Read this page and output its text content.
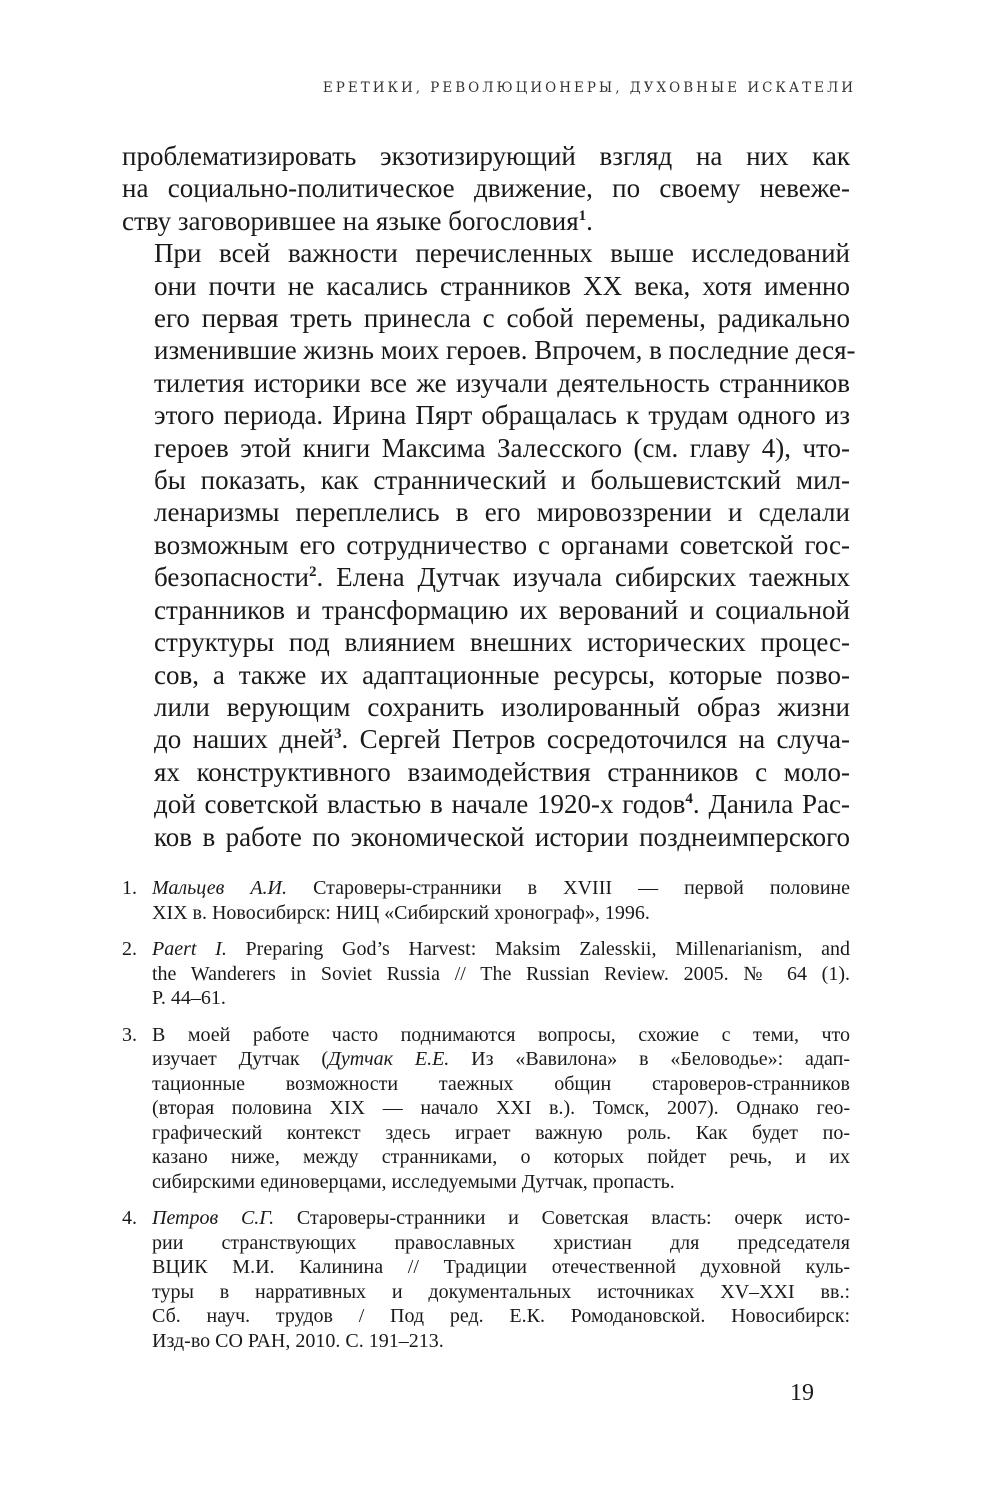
ЕРЕТИКИ, РЕВОЛЮЦИОНЕРЫ, ДУХОВНЫЕ ИСКАТЕЛИ

проблематизировать экзотизирующий взгляд на них как
на социально-политическое движение, по своему невеже-
ству заговорившее на языке богословия$^1$.

При всей важности перечисленных выше исследований
они почти не касались странников XX века, хотя именно
его первая треть принесла с собой перемены, радикально
изменившие жизнь моих героев. Впрочем, в последние деся-
тилетия историки все же изучали деятельность странников
этого периода. Ирина Пярт обращалась к трудам одного из
героев этой книги Максима Залесского (см. главу 4), что-
бы показать, как страннический и большевистский мил-
ленаризмы переплелись в его мировоззрении и сделали
возможным его сотрудничество с органами советской гос-
безопасности$^2$. Елена Дутчак изучала сибирских таежных
странников и трансформацию их верований и социальной
структуры под влиянием внешних исторических процес-
сов, а также их адаптационные ресурсы, которые позво-
лили верующим сохранить изолированный образ жизни
до наших дней$^3$. Сергей Петров сосредоточился на случа-
ях конструктивного взаимодействия странников с моло-
дой советской властью в начале 1920-х годов$^4$. Данила Рас-
ков в работе по экономической истории позднеимперского

1. Мальцев А.И. Староверы-странники в XVIII — первой половине
XIX в. Новосибирск: НИЦ «Сибирский хронограф», 1996.
2. Paert I. Preparing God’s Harvest: Maksim Zalesskii, Millenarianism, and
the Wanderers in Soviet Russia // The Russian Review. 2005. № 64 (1).
P. 44–61.
3. В моей работе часто поднимаются вопросы, схожие с теми, что
изучает Дутчак (Дутчак Е.Е. Из «Вавилона» в «Беловодье»: адап-
тационные возможности таежных общин староверов-странников
(вторая половина XIX — начало XXI в.). Томск, 2007). Однако гео-
графический контекст здесь играет важную роль. Как будет по-
казано ниже, между странниками, о которых пойдет речь, и их
сибирскими единоверцами, исследуемыми Дутчак, пропасть.
4. Петров С.Г. Староверы-странники и Советская власть: очерк исто-
рии странствующих православных христиан для председателя
ВЦИК М.И. Калинина // Традиции отечественной духовной куль-
туры в нарративных и документальных источниках XV–XXI вв.:
Сб. науч. трудов / Под ред. Е.К. Ромодановской. Новосибирск:
Изд-во СО РАН, 2010. С. 191–213.
19
